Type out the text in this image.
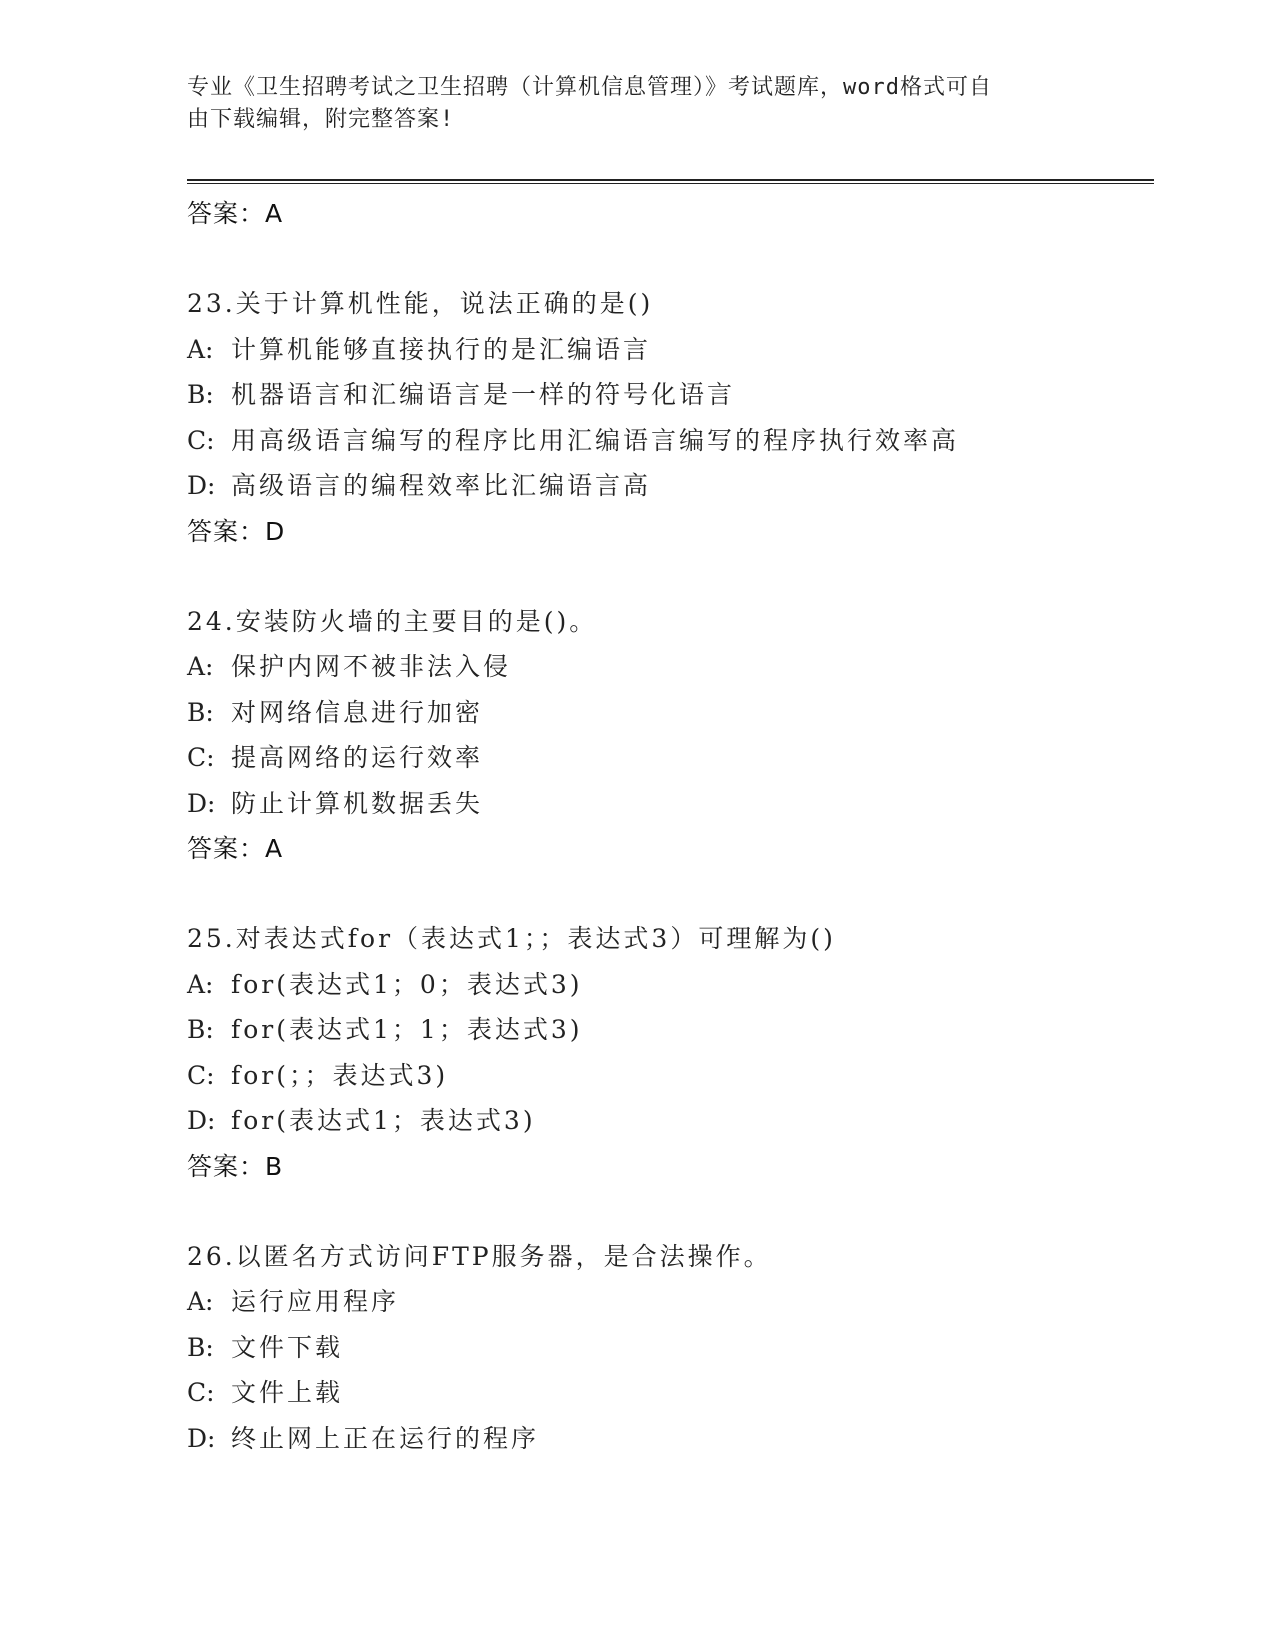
专业《卫生招聘考试之卫生招聘（计算机信息管理）》考试题库，word格式可自
由下载编辑，附完整答案!
答案：A
23.关于计算机性能，说法正确的是()
A: 计算机能够直接执行的是汇编语言
B: 机器语言和汇编语言是一样的符号化语言
C: 用高级语言编写的程序比用汇编语言编写的程序执行效率高
D: 高级语言的编程效率比汇编语言高
答案：D
24.安装防火墙的主要目的是()。
A: 保护内网不被非法入侵
B: 对网络信息进行加密
C: 提高网络的运行效率
D: 防止计算机数据丢失
答案：A
25.对表达式for（表达式1；；表达式3）可理解为()
A: for(表达式1；0；表达式3)
B: for(表达式1；1；表达式3)
C: for(；；表达式3)
D: for(表达式1；表达式3)
答案：B
26.以匿名方式访问FTP服务器，是合法操作。
A: 运行应用程序
B: 文件下载
C: 文件上载
D: 终止网上正在运行的程序
